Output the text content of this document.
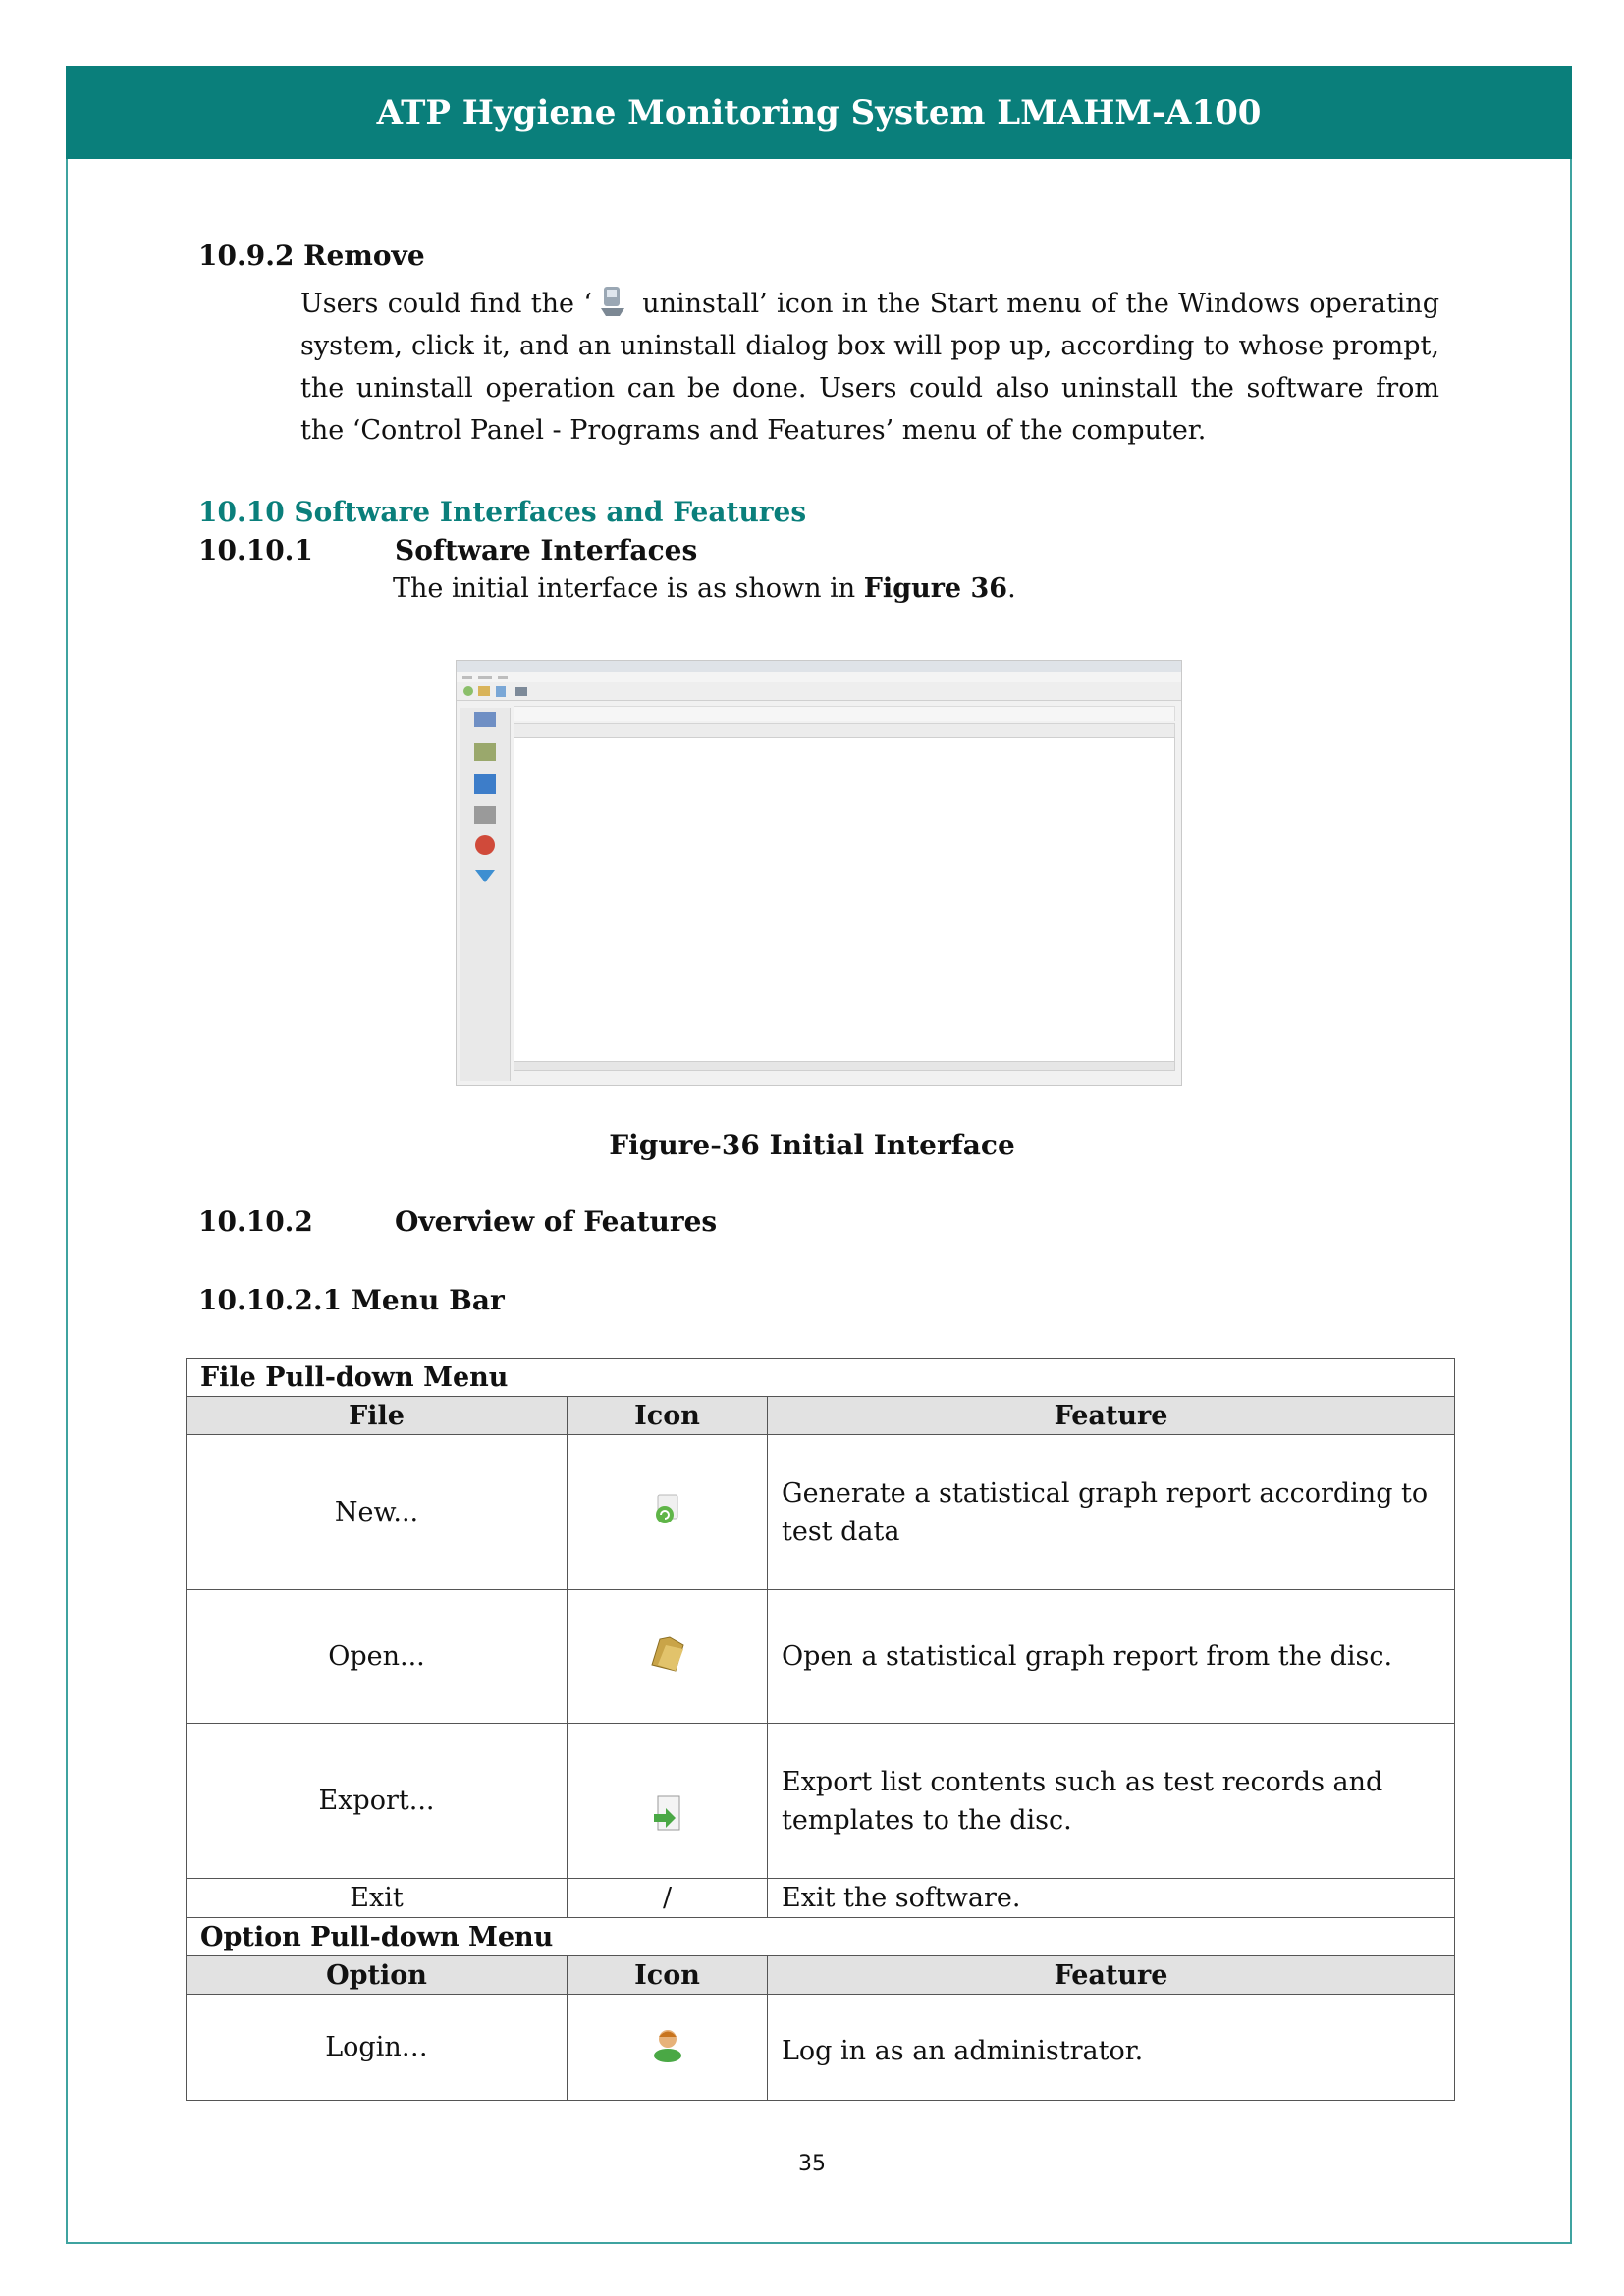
ATP Hygiene Monitoring System LMAHM-A100
10.9.2 Remove
Users could find the ‘ uninstall’ icon in the Start menu of the Windows operating system, click it, and an uninstall dialog box will pop up, according to whose prompt, the uninstall operation can be done. Users could also uninstall the software from the ‘Control Panel - Programs and Features’ menu of the computer.
10.10 Software Interfaces and Features
10.10.1	Software Interfaces
The initial interface is as shown in Figure 36.
Figure-36 Initial Interface
10.10.2	Overview of Features
10.10.2.1 Menu Bar
File Pull-down Menu		
File	Icon	Feature
New...		Generate a statistical graph report according to test data
Open...		Open a statistical graph report from the disc.
Export...		Export list contents such as test records and templates to the disc.
Exit	/	Exit the software.
Option Pull-down Menu		
Option	Icon	Feature
Login…		Log in as an administrator.
35
